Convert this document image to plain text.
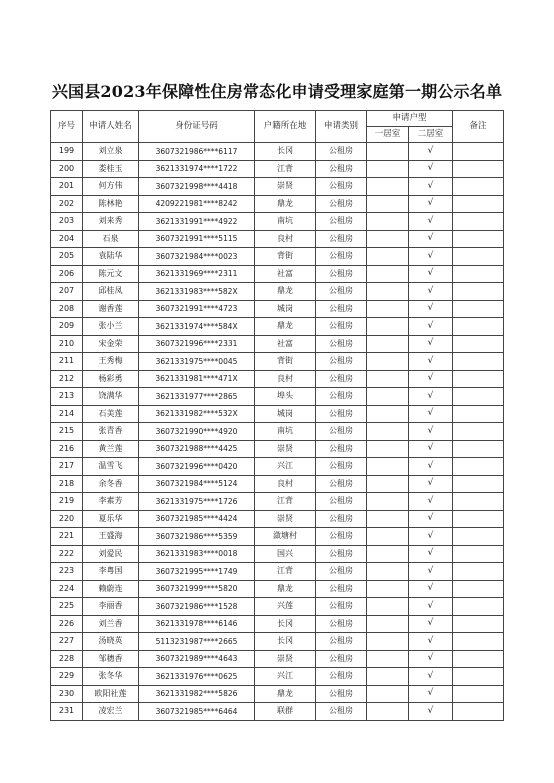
兴国县2023年保障性住房常态化申请受理家庭第一期公示名单
序号	申请人姓名	身份证号码	户籍所在地	申请类别	申请户型		备注
					一居室	二居室	
199	刘立泉	3607321986****6117	长冈	公租房		√	
200	娄桂玉	3621331974****1722	江背	公租房		√	
201	何方伟	3607321998****4418	崇贤	公租房		√	
202	陈林艳	4209221981****8242	鼎龙	公租房		√	
203	刘来秀	3621331991****4922	南坑	公租房		√	
204	石泉	3607321991****5115	良村	公租房		√	
205	袁陆华	3607321984****0023	背街	公租房		√	
206	陈元文	3621331969****2311	社富	公租房		√	
207	邱桂凤	3621331983****582X	鼎龙	公租房		√	
208	谢香莲	3607321991****4723	城岗	公租房		√	
209	张小兰	3621331974****584X	鼎龙	公租房		√	
210	宋金荣	3607321996****2331	社富	公租房		√	
211	王秀梅	3621331975****0045	背街	公租房		√	
212	杨彩勇	3621331981****471X	良村	公租房		√	
213	饶满华	3621331977****2865	埠头	公租房		√	
214	石美莲	3621331982****532X	城岗	公租房		√	
215	张青香	3607321990****4920	南坑	公租房		√	
216	黄兰莲	3607321988****4425	崇贤	公租房		√	
217	温雪飞	3607321996****0420	兴江	公租房		√	
218	余冬香	3607321984****5124	良村	公租房		√	
219	李素芳	3621331975****1726	江背	公租房		√	
220	夏乐华	3607321985****4424	崇贤	公租房		√	
221	王盛海	3607321986****5359	潋塘村	公租房		√	
222	刘爱民	3621331983****0018	国兴	公租房		√	
223	李粤国	3607321995****1749	江背	公租房		√	
224	赖蔚连	3607321999****5820	鼎龙	公租房		√	
225	李丽香	3607321986****1528	兴莲	公租房		√	
226	刘兰香	3621331978****6146	长冈	公租房		√	
227	汤晓英	5113231987****2665	长冈	公租房		√	
228	邹穗香	3607321989****4643	崇贤	公租房		√	
229	张冬华	3621331976****0625	兴江	公租房		√	
230	欧阳社莲	3621331982****5826	鼎龙	公租房		√	
231	凌宏兰	3607321985****6464	联群	公租房		√	
